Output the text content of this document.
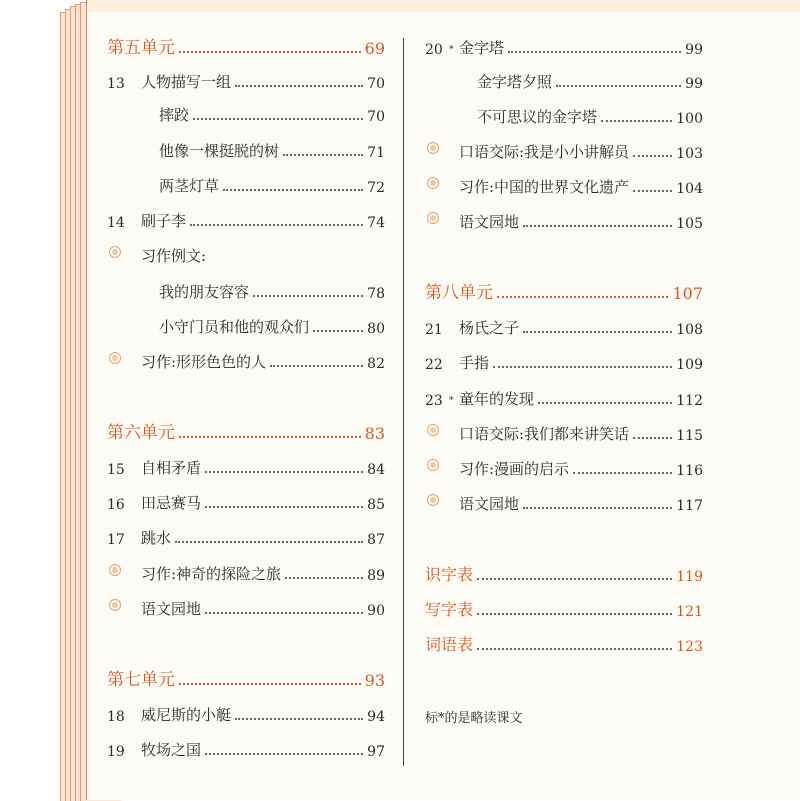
第五单元	69
13	人物描写一组	70
摔跤	70
他像一棵挺脱的树	71
两茎灯草	72
14	刷子李	74
习作例文:
我的朋友容容	78
小守门员和他的观众们	80
习作:形形色色的人	82
第六单元	83
15	自相矛盾	84
16	田忌赛马	85
17	跳水	87
习作:神奇的探险之旅	89
语文园地	90
第七单元	93
18	威尼斯的小艇	94
19	牧场之国	97
20 * 金字塔	99
金字塔夕照	99
不可思议的金字塔	100
口语交际:我是小小讲解员	103
习作:中国的世界文化遗产	104
语文园地	105
第八单元	107
21	杨氏之子	108
22	手指	109
23 * 童年的发现	112
口语交际:我们都来讲笑话	115
习作:漫画的启示	116
语文园地	117
识字表	119
写字表	121
词语表	123
标*的是略读课文
